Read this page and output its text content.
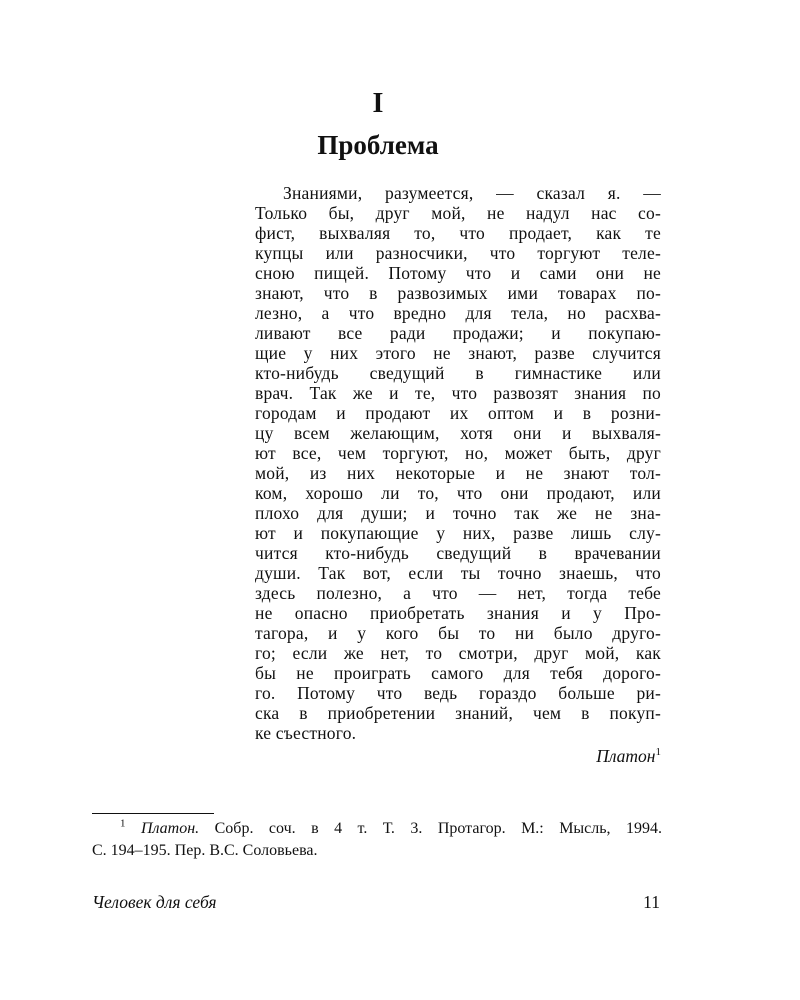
I
Проблема
Знаниями, разумеется, — сказал я. —
Только бы, друг мой, не надул нас со-
фист, выхваляя то, что продает, как те
купцы или разносчики, что торгуют теле-
сною пищей. Потому что и сами они не
знают, что в развозимых ими товарах по-
лезно, а что вредно для тела, но расхва-
ливают все ради продажи; и покупаю-
щие у них этого не знают, разве случится
кто-нибудь сведущий в гимнастике или
врач. Так же и те, что развозят знания по
городам и продают их оптом и в розни-
цу всем желающим, хотя они и выхваля-
ют все, чем торгуют, но, может быть, друг
мой, из них некоторые и не знают тол-
ком, хорошо ли то, что они продают, или
плохо для души; и точно так же не зна-
ют и покупающие у них, разве лишь слу-
чится кто-нибудь сведущий в врачевании
души. Так вот, если ты точно знаешь, что
здесь полезно, а что — нет, тогда тебе
не опасно приобретать знания и у Про-
тагора, и у кого бы то ни было друго-
го; если же нет, то смотри, друг мой, как
бы не проиграть самого для тебя дорого-
го. Потому что ведь гораздо больше ри-
ска в приобретении знаний, чем в покуп-
ке съестного.
Платон$^1$
$^1$ Платон. Собр. соч. в 4 т. Т. 3. Протагор. М.: Мысль, 1994.
С. 194–195. Пер. В.С. Соловьева.
Человек для себя	11
